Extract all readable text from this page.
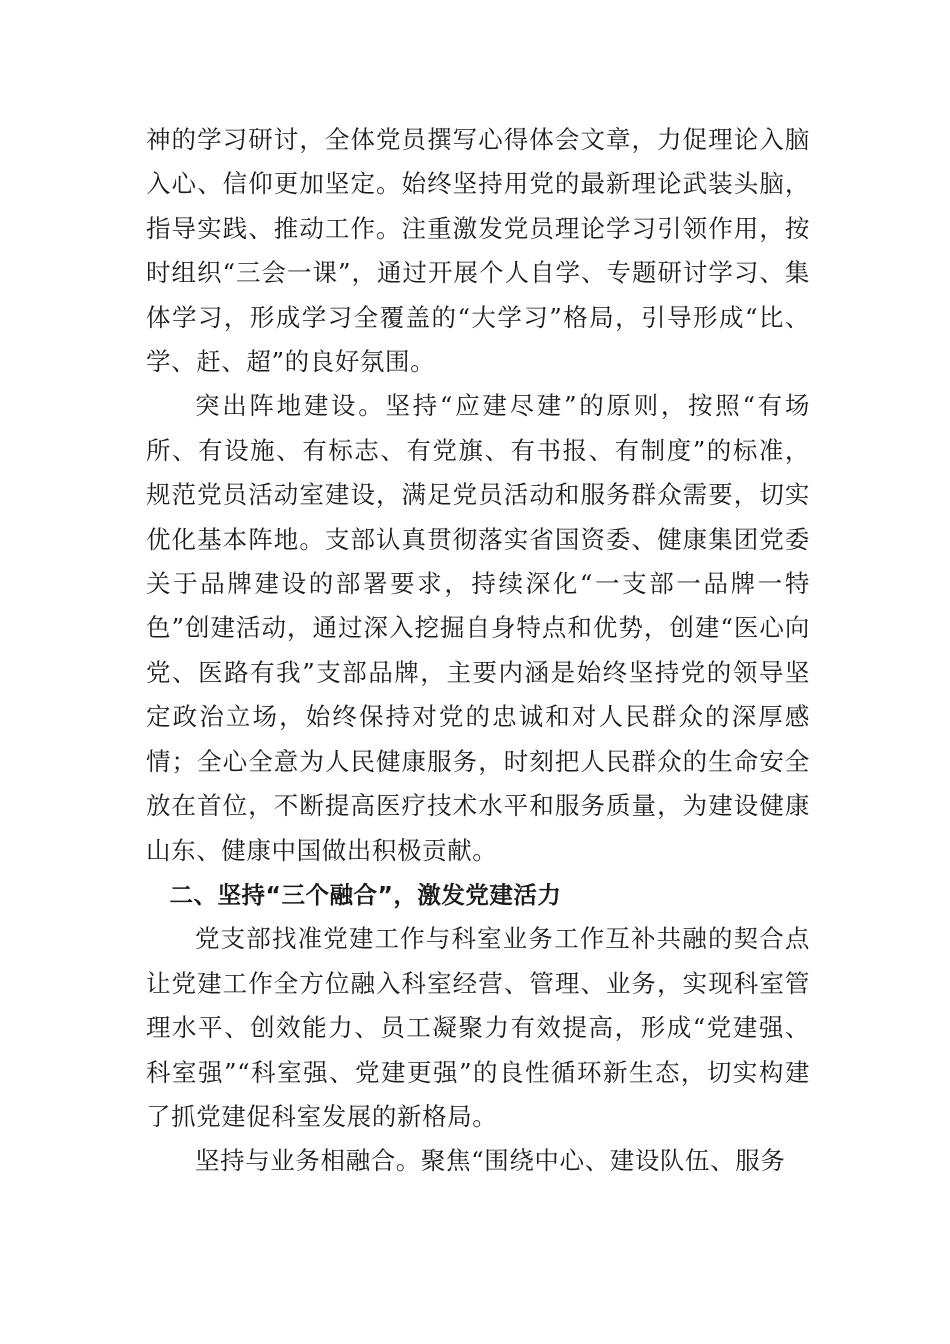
神的学习研讨，全体党员撰写心得体会文章，力促理论入脑入心、信仰更加坚定。始终坚持用党的最新理论武装头脑，指导实践、推动工作。注重激发党员理论学习引领作用，按时组织“三会一课”，通过开展个人自学、专题研讨学习、集体学习，形成学习全覆盖的“大学习”格局，引导形成“比、学、赶、超”的良好氛围。

突出阵地建设。坚持“应建尽建”的原则，按照“有场所、有设施、有标志、有党旗、有书报、有制度”的标准，规范党员活动室建设，满足党员活动和服务群众需要，切实优化基本阵地。支部认真贯彻落实省国资委、健康集团党委关于品牌建设的部署要求，持续深化“一支部一品牌一特色”创建活动，通过深入挖掘自身特点和优势，创建“医心向党、医路有我”支部品牌，主要内涵是始终坚持党的领导坚定政治立场，始终保持对党的忠诚和对人民群众的深厚感情；全心全意为人民健康服务，时刻把人民群众的生命安全放在首位，不断提高医疗技术水平和服务质量，为建设健康山东、健康中国做出积极贡献。

二、坚持“三个融合”，激发党建活力

党支部找准党建工作与科室业务工作互补共融的契合点让党建工作全方位融入科室经营、管理、业务，实现科室管理水平、创效能力、员工凝聚力有效提高，形成“党建强、科室强”“科室强、党建更强”的良性循环新生态，切实构建了抓党建促科室发展的新格局。

坚持与业务相融合。聚焦“围绕中心、建设队伍、服务
